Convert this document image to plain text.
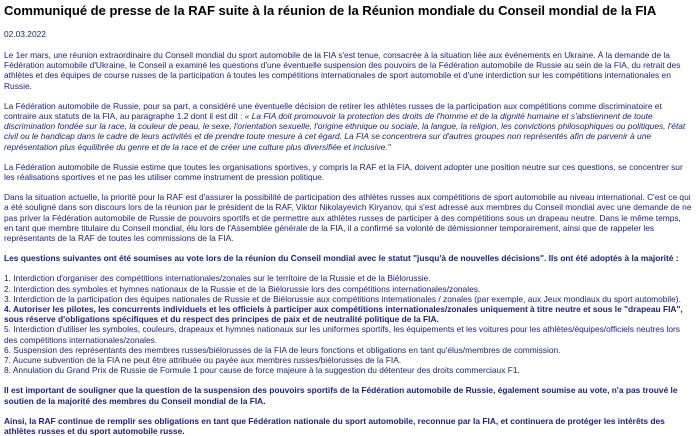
Communiqué de presse de la RAF suite à la réunion de la Réunion mondiale du Conseil mondial de la FIA
02.03.2022

Le 1er mars, une réunion extraordinaire du Conseil mondial du sport automobile de la FIA s'est tenue, consacrée à la situation liée aux événements en Ukraine. À la demande de la Fédération automobile d'Ukraine, le Conseil a examiné les questions d'une éventuelle suspension des pouvoirs de la Fédération automobile de Russie au sein de la FIA, du retrait des athlètes et des équipes de course russes de la participation à toutes les compétitions internationales de sport automobile et d'une interdiction sur les compétitions internationales en Russie.

La Fédération automobile de Russie, pour sa part, a considéré une éventuelle décision de retirer les athlètes russes de la participation aux compétitions comme discriminatoire et contraire aux statuts de la FIA, au paragraphe 1.2 dont il est dit : « La FIA doit promouvoir la protection des droits de l'homme et de la dignité humaine et s'abstiennent de toute discrimination fondée sur la race, la couleur de peau, le sexe, l'orientation sexuelle, l'origine ethnique ou sociale, la langue, la religion, les convictions philosophiques ou politiques, l'état civil ou le handicap dans le cadre de leurs activités et de prendre toute mesure à cet égard. La FIA se concentrera sur d'autres groupes non représentés afin de parvenir à une représentation plus équilibrée du genre et de la race et de créer une culture plus diversifiée et inclusive."

La Fédération automobile de Russie estime que toutes les organisations sportives, y compris la RAF et la FIA, doivent adopter une position neutre sur ces questions, se concentrer sur les réalisations sportives et ne pas les utiliser comme instrument de pression politique.

Dans la situation actuelle, la priorité pour la RAF est d'assurer la possibilité de participation des athlètes russes aux compétitions de sport automobile au niveau international. C'est ce qui a été souligné dans son discours lors de la réunion par le président de la RAF, Viktor Nikolayevich Kiryanov, qui s'est adressé aux membres du Conseil mondial avec une demande de ne pas priver la Fédération automobile de Russie de pouvoirs sportifs et de permettre aux athlètes russes de participer à des compétitions sous un drapeau neutre. Dans le même temps, en tant que membre titulaire du Conseil mondial, élu lors de l'Assemblée générale de la FIA, il a confirmé sa volonté de démissionner temporairement, ainsi que de rappeler les représentants de la RAF de toutes les commissions de la FIA.

Les questions suivantes ont été soumises au vote lors de la réunion du Conseil mondial avec le statut "jusqu'à de nouvelles décisions". Ils ont été adoptés à la majorité :

1. Interdiction d'organiser des compétitions internationales/zonales sur le territoire de la Russie et de la Biélorussie.
2. Interdiction des symboles et hymnes nationaux de la Russie et de la Biélorussie lors des compétitions internationales/zonales.
3. Interdiction de la participation des équipes nationales de Russie et de Biélorussie aux compétitions internationales / zonales (par exemple, aux Jeux mondiaux du sport automobile).
4. Autoriser les pilotes, les concurrents individuels et les officiels à participer aux compétitions internationales/zonales uniquement à titre neutre et sous le "drapeau FIA", sous réserve d'obligations spécifiques et du respect des principes de paix et de neutralité politique de la FIA.
5. Interdiction d'utiliser les symboles, couleurs, drapeaux et hymnes nationaux sur les uniformes sportifs, les équipements et les voitures pour les athlètes/équipes/officiels neutres lors des compétitions internationales/zonales.
6. Suspension des représentants des membres russes/biélorusses de la FIA de leurs fonctions et obligations en tant qu'élus/membres de commission.
7. Aucune subvention de la FIA ne peut être attribuée ou payée aux membres russes/biélorusses de la FIA.
8. Annulation du Grand Prix de Russie de Formule 1 pour cause de force majeure à la suggestion du détenteur des droits commerciaux F1.

Il est important de souligner que la question de la suspension des pouvoirs sportifs de la Fédération automobile de Russie, également soumise au vote, n'a pas trouvé le soutien de la majorité des membres du Conseil mondial de la FIA.

Ainsi, la RAF continue de remplir ses obligations en tant que Fédération nationale du sport automobile, reconnue par la FIA, et continuera de protéger les intérêts des athlètes russes et du sport automobile russe.
